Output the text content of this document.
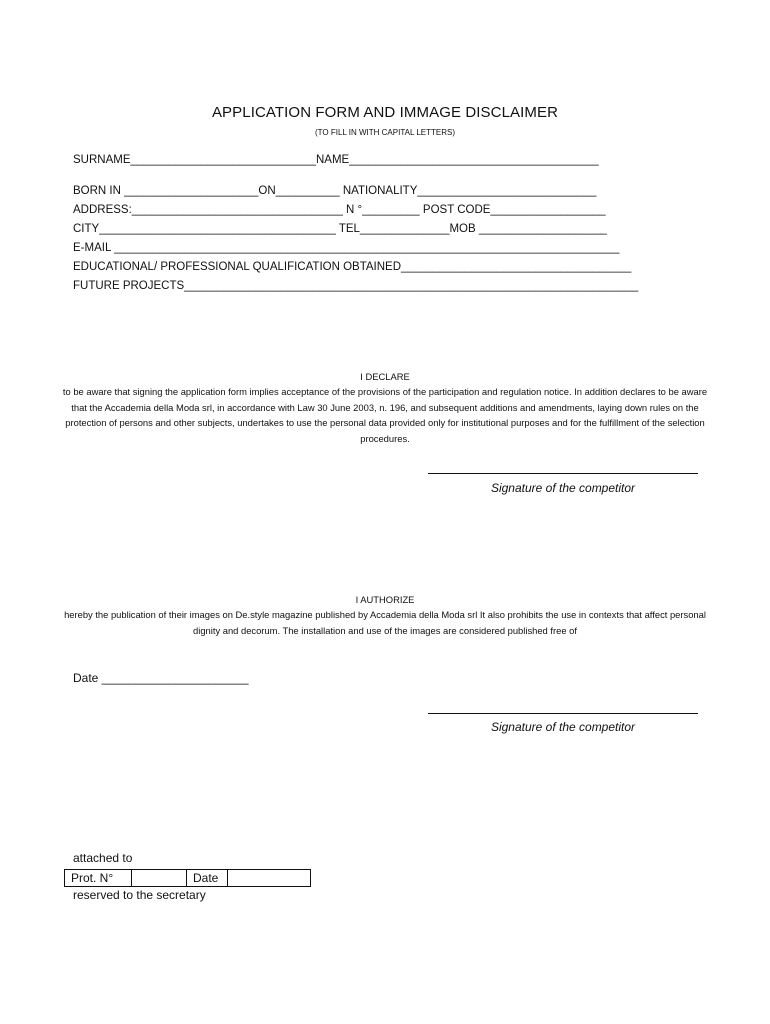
APPLICATION FORM AND IMMAGE DISCLAIMER
(TO FILL IN WITH CAPITAL LETTERS)
SURNAME_____________________________NAME_______________________________________
BORN IN _____________________ON__________ NATIONALITY____________________________
ADDRESS:_________________________________ N °_________ POST CODE__________________
CITY_____________________________________ TEL______________MOB ____________________
E-MAIL _______________________________________________________________________________
EDUCATIONAL/ PROFESSIONAL QUALIFICATION OBTAINED____________________________________
FUTURE PROJECTS_______________________________________________________________________
I DECLARE
to be aware that signing the application form implies acceptance of the provisions of the participation and regulation notice. In addition declares to be aware that the Accademia della Moda srl, in accordance with Law 30 June 2003, n. 196, and subsequent additions and amendments, laying down rules on the protection of persons and other subjects, undertakes to use the personal data provided only for institutional purposes and for the fulfillment of the selection procedures.
Signature of the competitor
I AUTHORIZE
hereby the publication of their images on De.style magazine published by Accademia della Moda srl It also prohibits the use in contexts that affect personal dignity and decorum. The installation and use of the images are considered published free of
Date ______________________
Signature of the competitor
attached to
Prot. N°		Date	
reserved to the secretary
